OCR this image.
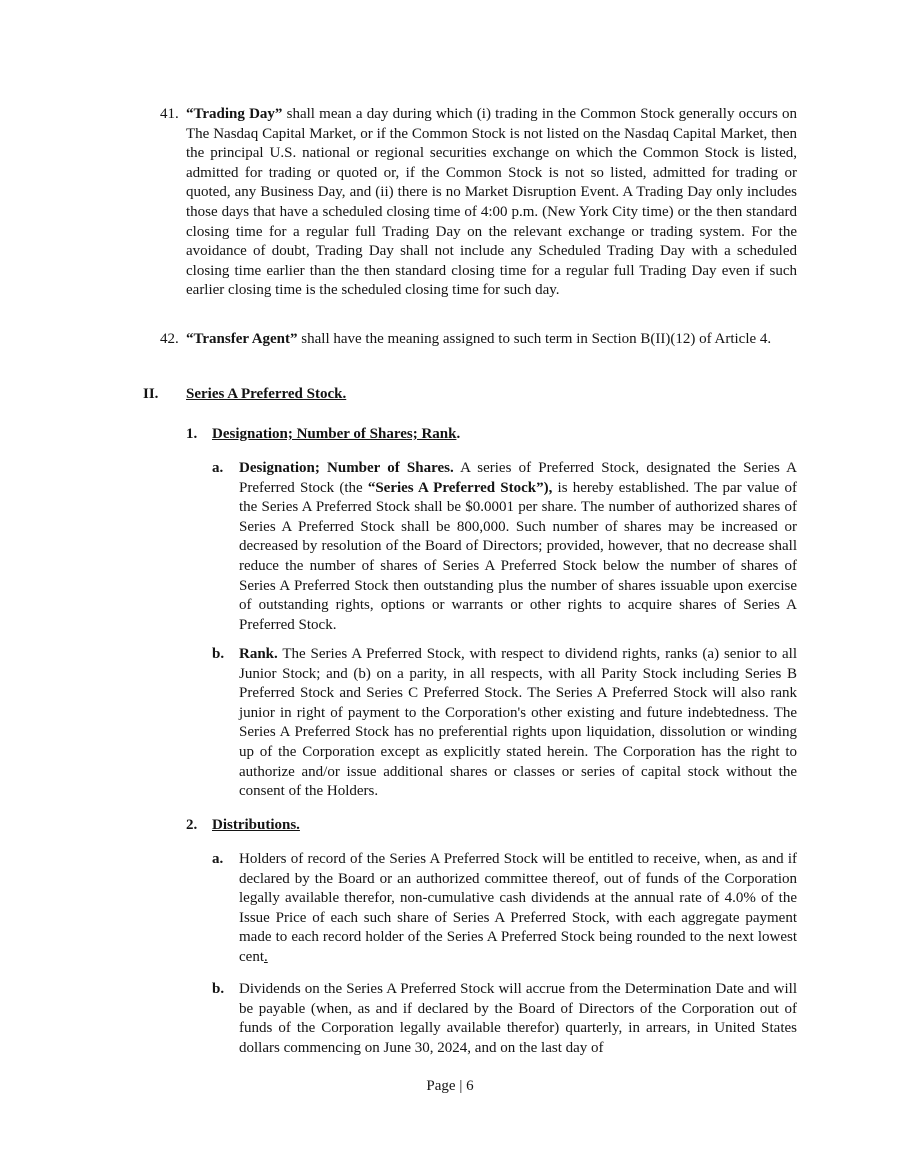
41. “Trading Day” shall mean a day during which (i) trading in the Common Stock generally occurs on The Nasdaq Capital Market, or if the Common Stock is not listed on the Nasdaq Capital Market, then the principal U.S. national or regional securities exchange on which the Common Stock is listed, admitted for trading or quoted or, if the Common Stock is not so listed, admitted for trading or quoted, any Business Day, and (ii) there is no Market Disruption Event. A Trading Day only includes those days that have a scheduled closing time of 4:00 p.m. (New York City time) or the then standard closing time for a regular full Trading Day on the relevant exchange or trading system. For the avoidance of doubt, Trading Day shall not include any Scheduled Trading Day with a scheduled closing time earlier than the then standard closing time for a regular full Trading Day even if such earlier closing time is the scheduled closing time for such day.

42. “Transfer Agent” shall have the meaning assigned to such term in Section B(II)(12) of Article 4.

II. Series A Preferred Stock.
1. Designation; Number of Shares; Rank.
a. Designation; Number of Shares. A series of Preferred Stock, designated the Series A Preferred Stock (the “Series A Preferred Stock”), is hereby established. The par value of the Series A Preferred Stock shall be $0.0001 per share. The number of authorized shares of Series A Preferred Stock shall be 800,000. Such number of shares may be increased or decreased by resolution of the Board of Directors; provided, however, that no decrease shall reduce the number of shares of Series A Preferred Stock below the number of shares of Series A Preferred Stock then outstanding plus the number of shares issuable upon exercise of outstanding rights, options or warrants or other rights to acquire shares of Series A Preferred Stock.

b. Rank. The Series A Preferred Stock, with respect to dividend rights, ranks (a) senior to all Junior Stock; and (b) on a parity, in all respects, with all Parity Stock including Series B Preferred Stock and Series C Preferred Stock. The Series A Preferred Stock will also rank junior in right of payment to the Corporation's other existing and future indebtedness. The Series A Preferred Stock has no preferential rights upon liquidation, dissolution or winding up of the Corporation except as explicitly stated herein. The Corporation has the right to authorize and/or issue additional shares or classes or series of capital stock without the consent of the Holders.

2. Distributions.
a. Holders of record of the Series A Preferred Stock will be entitled to receive, when, as and if declared by the Board or an authorized committee thereof, out of funds of the Corporation legally available therefor, non-cumulative cash dividends at the annual rate of 4.0% of the Issue Price of each such share of Series A Preferred Stock, with each aggregate payment made to each record holder of the Series A Preferred Stock being rounded to the next lowest cent.

b. Dividends on the Series A Preferred Stock will accrue from the Determination Date and will be payable (when, as and if declared by the Board of Directors of the Corporation out of funds of the Corporation legally available therefor) quarterly, in arrears, in United States dollars commencing on June 30, 2024, and on the last day of

Page | 6
